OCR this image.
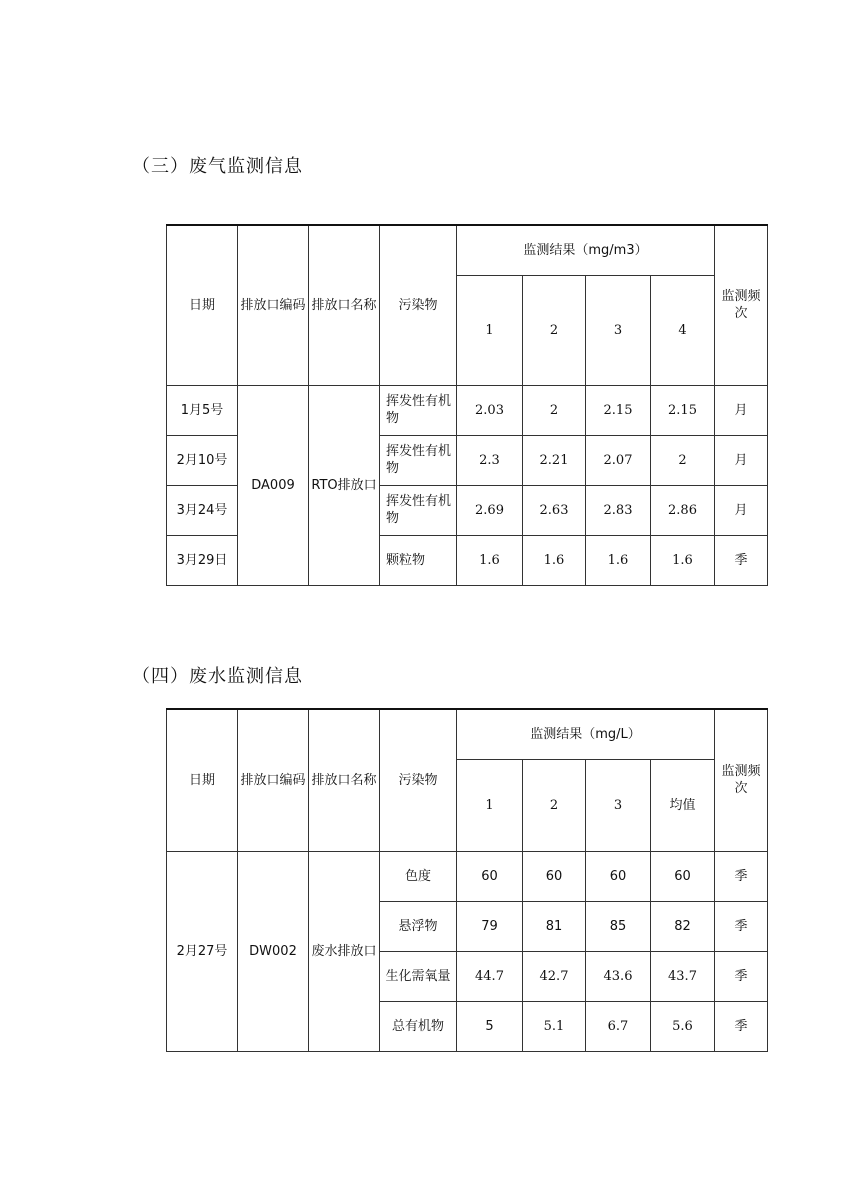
（三）废气监测信息
日期	排放口编码	排放口名称	污染物	监测结果（mg/m3）				监测频次
				1	2	3	4	
1月5号	DA009	RTO排放口	挥发性有机物	2.03	2	2.15	2.15	月
2月10号			挥发性有机物	2.3	2.21	2.07	2	月
3月24号			挥发性有机物	2.69	2.63	2.83	2.86	月
3月29日			颗粒物	1.6	1.6	1.6	1.6	季
（四）废水监测信息
日期	排放口编码	排放口名称	污染物	监测结果（mg/L）				监测频次
				1	2	3	均值	
2月27号	DW002	废水排放口	色度	60	60	60	60	季
			悬浮物	79	81	85	82	季
			生化需氧量	44.7	42.7	43.6	43.7	季
			总有机物	5	5.1	6.7	5.6	季
